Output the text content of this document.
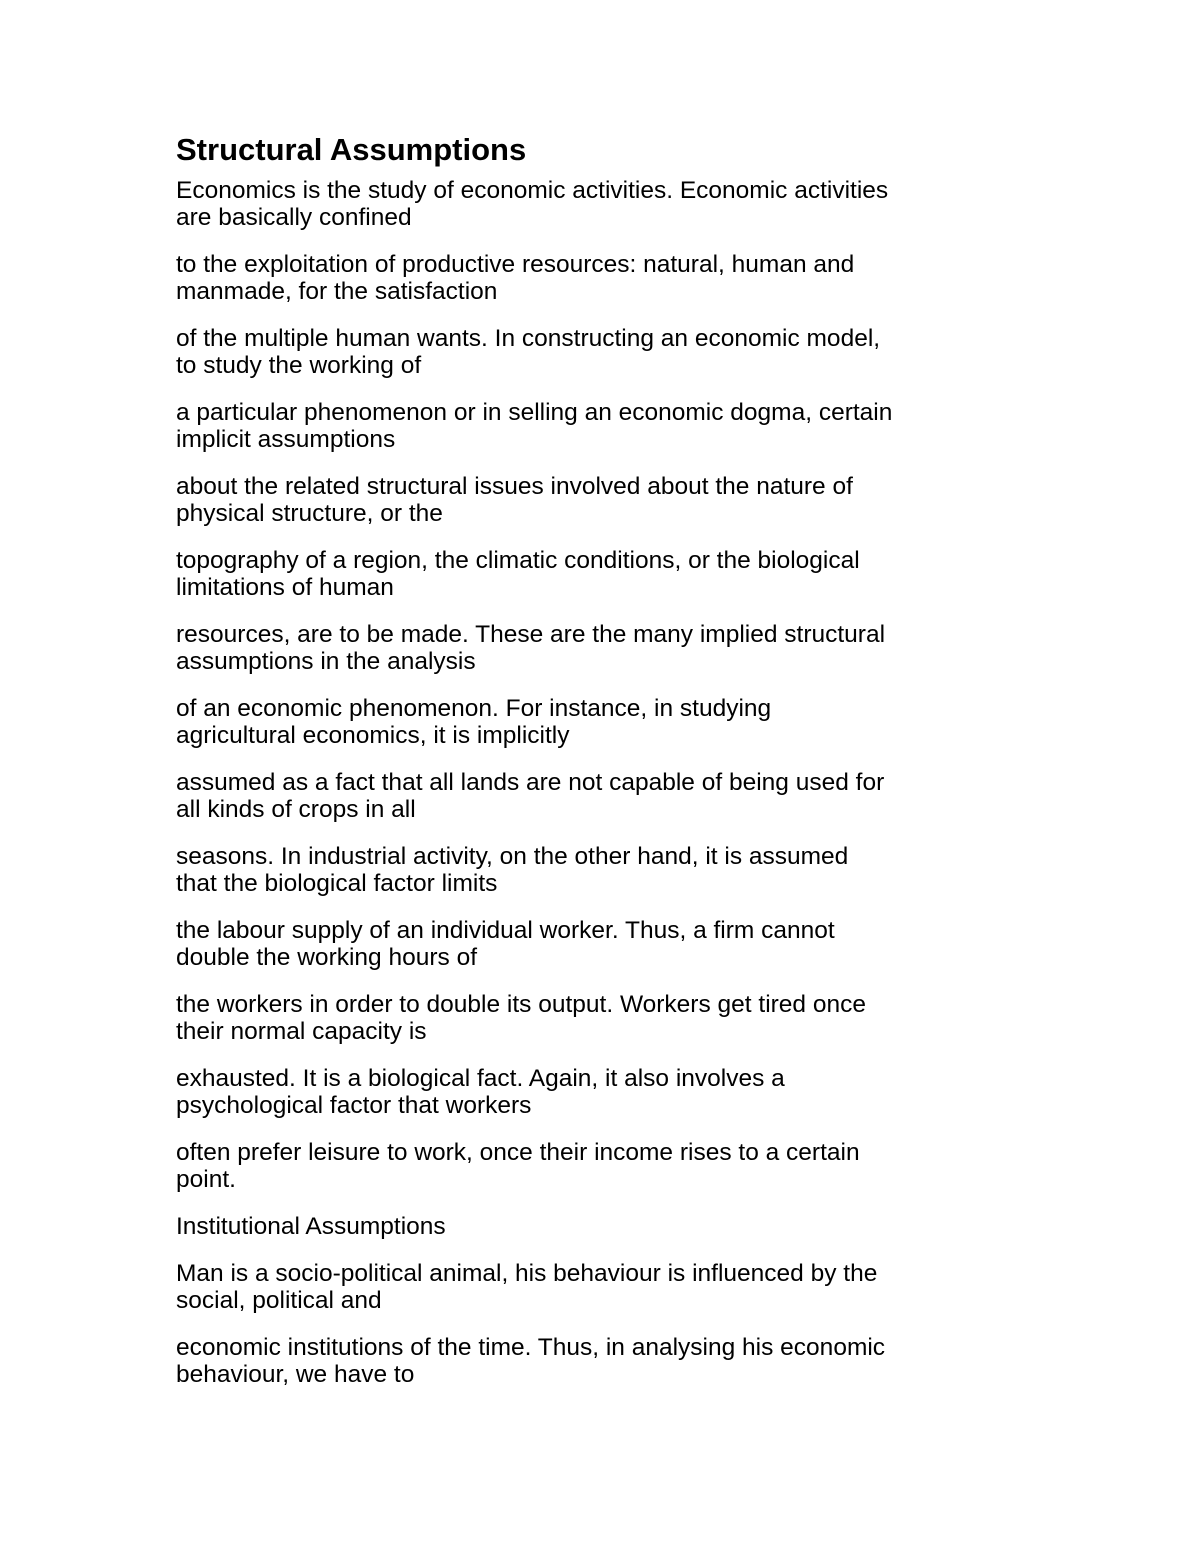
Structural Assumptions

Economics is the study of economic activities. Economic activities
are basically confined

to the exploitation of productive resources: natural, human and
manmade, for the satisfaction

of the multiple human wants. In constructing an economic model,
to study the working of

a particular phenomenon or in selling an economic dogma, certain
implicit assumptions

about the related structural issues involved about the nature of
physical structure, or the

topography of a region, the climatic conditions, or the biological
limitations of human

resources, are to be made. These are the many implied structural
assumptions in the analysis

of an economic phenomenon. For instance, in studying
agricultural economics, it is implicitly

assumed as a fact that all lands are not capable of being used for
all kinds of crops in all

seasons. In industrial activity, on the other hand, it is assumed
that the biological factor limits

the labour supply of an individual worker. Thus, a firm cannot
double the working hours of

the workers in order to double its output. Workers get tired once
their normal capacity is

exhausted. It is a biological fact. Again, it also involves a
psychological factor that workers

often prefer leisure to work, once their income rises to a certain
point.

Institutional Assumptions

Man is a socio-political animal, his behaviour is influenced by the
social, political and

economic institutions of the time. Thus, in analysing his economic
behaviour, we have to
